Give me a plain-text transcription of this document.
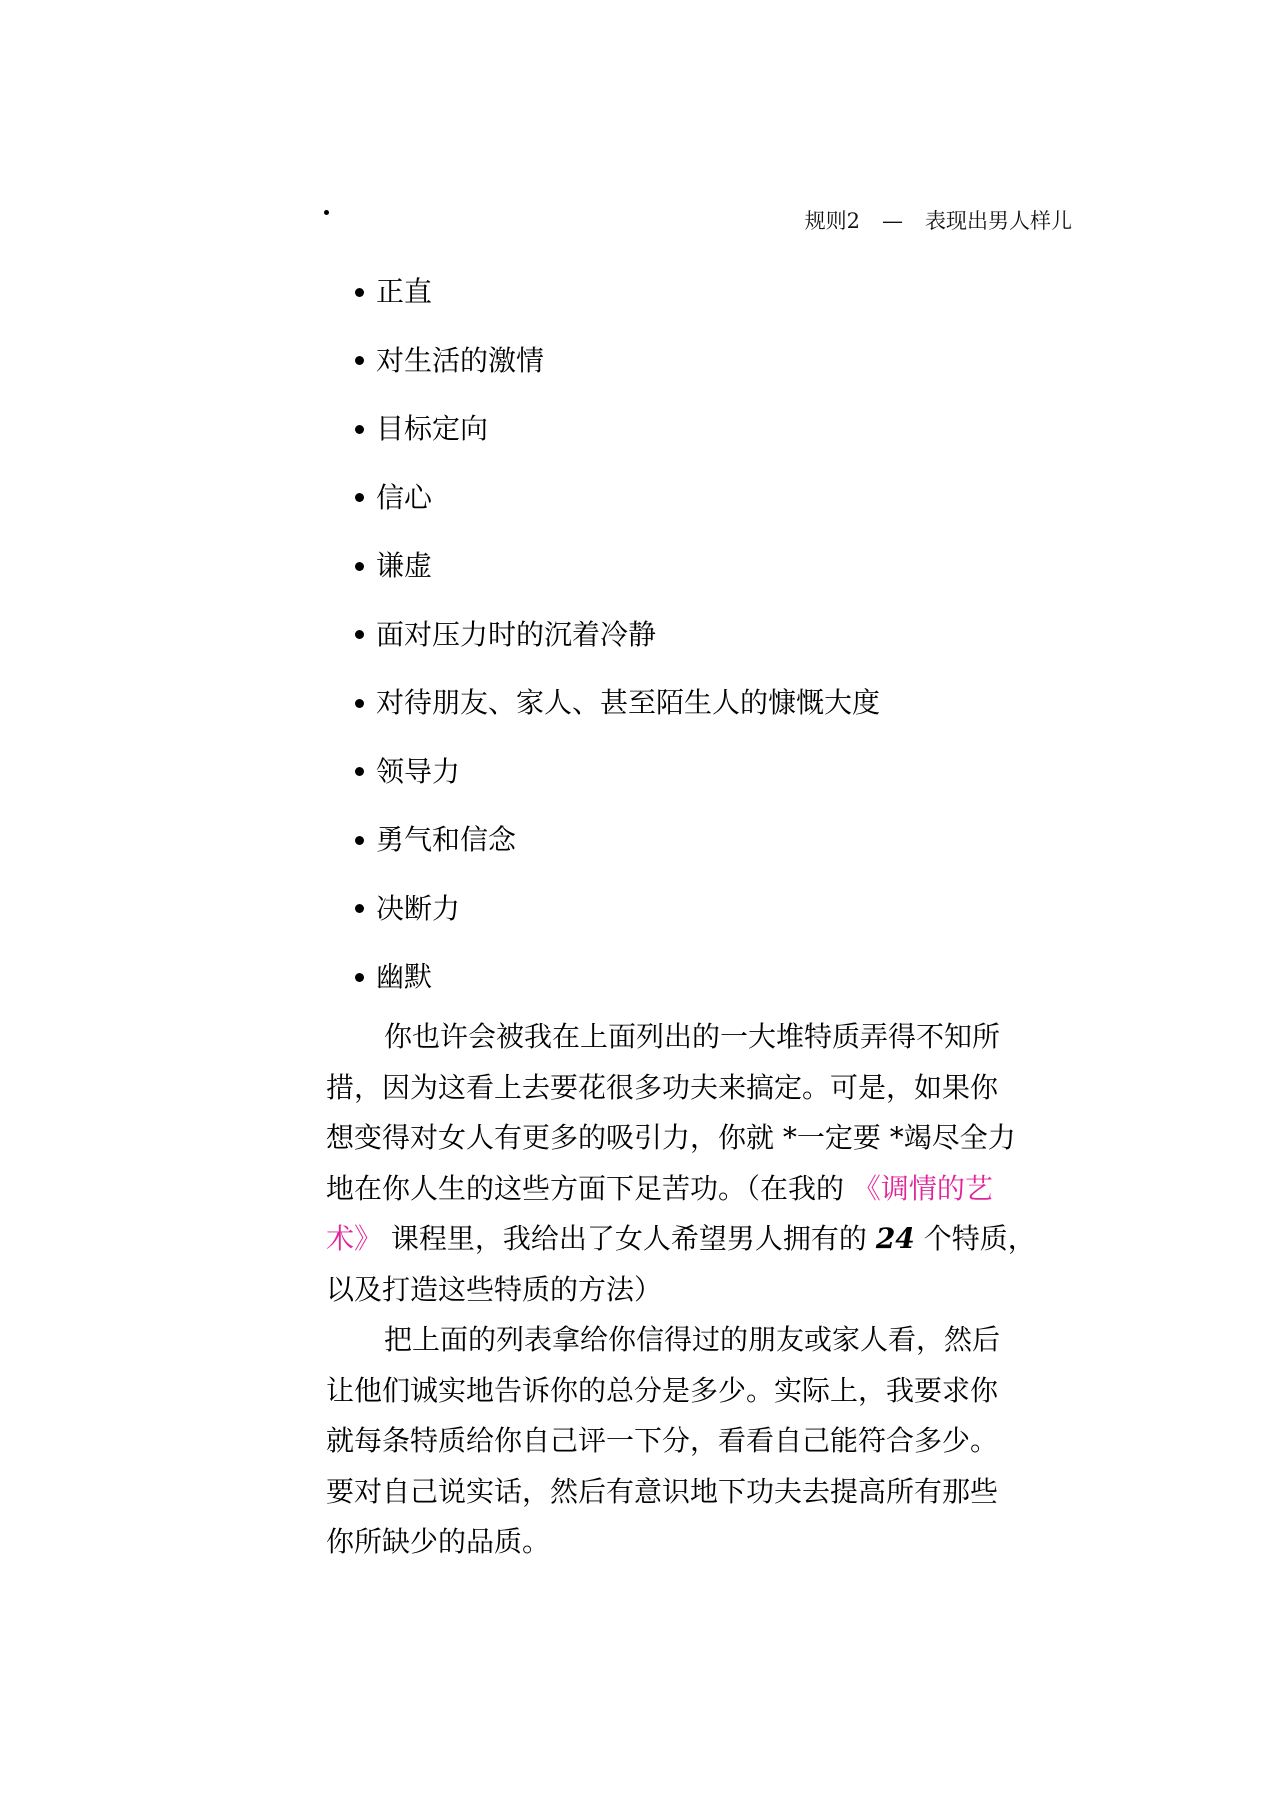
规则2 — 表现出男人样儿
正直
对生活的激情
目标定向
信心
谦虚
面对压力时的沉着冷静
对待朋友、家人、甚至陌生人的慷慨大度
领导力
勇气和信念
决断力
幽默
你也许会被我在上面列出的一大堆特质弄得不知所
措，因为这看上去要花很多功夫来搞定。可是，如果你
想变得对女人有更多的吸引力，你就 *一定要 *竭尽全力
地在你人生的这些方面下足苦功。（在我的 《调情的艺
术》 课程里，我给出了女人希望男人拥有的 24 个特质，
以及打造这些特质的方法）
把上面的列表拿给你信得过的朋友或家人看，然后
让他们诚实地告诉你的总分是多少。实际上，我要求你
就每条特质给你自己评一下分，看看自己能符合多少。
要对自己说实话，然后有意识地下功夫去提高所有那些
你所缺少的品质。
